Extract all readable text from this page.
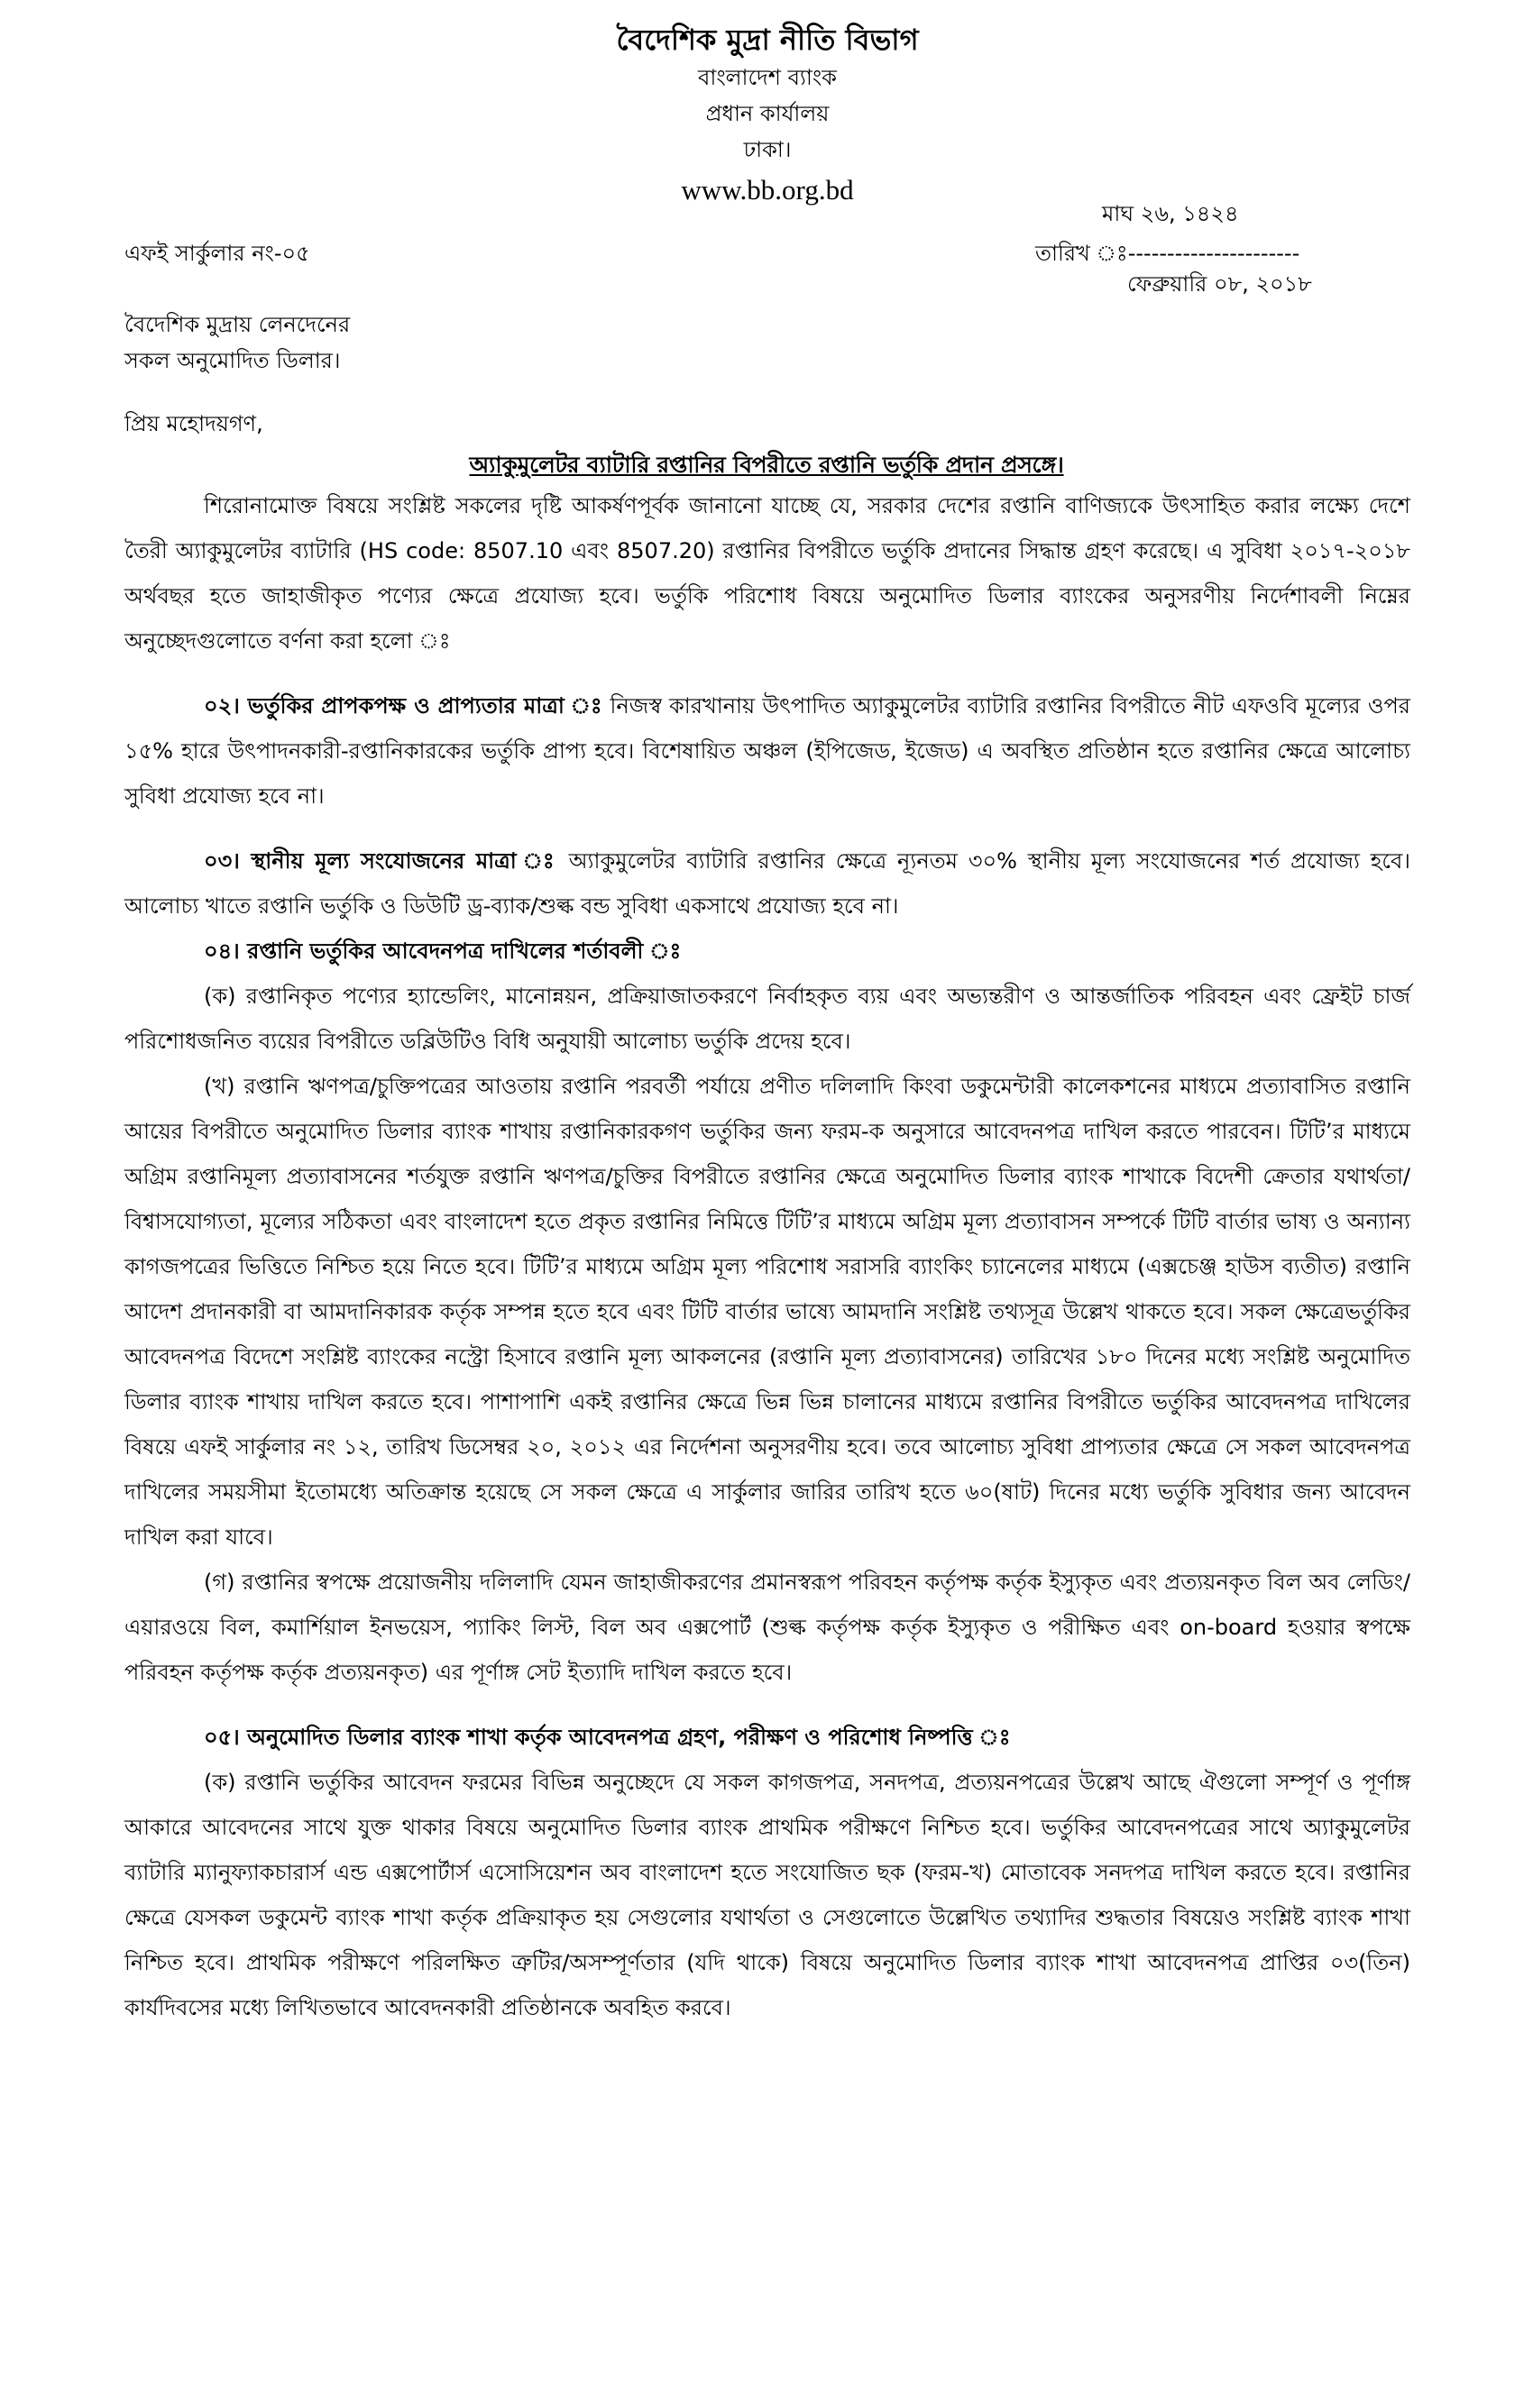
বৈদেশিক মুদ্রা নীতি বিভাগ
বাংলাদেশ ব্যাংক
প্রধান কার্যালয়
ঢাকা।
www.bb.org.bd
মাঘ ২৬, ১৪২৪
এফই সার্কুলার নং-০৫	তারিখ ঃ----------------------
ফেব্রুয়ারি ০৮, ২০১৮
বৈদেশিক মুদ্রায় লেনদেনের
সকল অনুমোদিত ডিলার।
প্রিয় মহোদয়গণ,
অ্যাকুমুলেটর ব্যাটারি রপ্তানির বিপরীতে রপ্তানি ভর্তুকি প্রদান প্রসঙ্গে।

শিরোনামোক্ত বিষয়ে সংশ্লিষ্ট সকলের দৃষ্টি আকর্ষণপূর্বক জানানো যাচ্ছে যে, সরকার দেশের রপ্তানি বাণিজ্যকে উৎসাহিত করার লক্ষ্যে দেশে তৈরী অ্যাকুমুলেটর ব্যাটারি (HS code: 8507.10 এবং 8507.20) রপ্তানির বিপরীতে ভর্তুকি প্রদানের সিদ্ধান্ত গ্রহণ করেছে। এ সুবিধা ২০১৭-২০১৮ অর্থবছর হতে জাহাজীকৃত পণ্যের ক্ষেত্রে প্রযোজ্য হবে। ভর্তুকি পরিশোধ বিষয়ে অনুমোদিত ডিলার ব্যাংকের অনুসরণীয় নির্দেশাবলী নিম্নের অনুচ্ছেদগুলোতে বর্ণনা করা হলো ঃ

০২। ভর্তুকির প্রাপকপক্ষ ও প্রাপ্যতার মাত্রা ঃ নিজস্ব কারখানায় উৎপাদিত অ্যাকুমুলেটর ব্যাটারি রপ্তানির বিপরীতে নীট এফওবি মূল্যের ওপর ১৫% হারে উৎপাদনকারী-রপ্তানিকারকের ভর্তুকি প্রাপ্য হবে। বিশেষায়িত অঞ্চল (ইপিজেড, ইজেড) এ অবস্থিত প্রতিষ্ঠান হতে রপ্তানির ক্ষেত্রে আলোচ্য সুবিধা প্রযোজ্য হবে না।

০৩। স্থানীয় মূল্য সংযোজনের মাত্রা ঃ অ্যাকুমুলেটর ব্যাটারি রপ্তানির ক্ষেত্রে ন্যূনতম ৩০% স্থানীয় মূল্য সংযোজনের শর্ত প্রযোজ্য হবে। আলোচ্য খাতে রপ্তানি ভর্তুকি ও ডিউটি ড্র-ব্যাক/শুল্ক বন্ড সুবিধা একসাথে প্রযোজ্য হবে না।

০৪। রপ্তানি ভর্তুকির আবেদনপত্র দাখিলের শর্তাবলী ঃ

(ক) রপ্তানিকৃত পণ্যের হ্যান্ডেলিং, মানোন্নয়ন, প্রক্রিয়াজাতকরণে নির্বাহকৃত ব্যয় এবং অভ্যন্তরীণ ও আন্তর্জাতিক পরিবহন এবং ফ্রেইট চার্জ পরিশোধজনিত ব্যয়ের বিপরীতে ডব্লিউটিও বিধি অনুযায়ী আলোচ্য ভর্তুকি প্রদেয় হবে।

(খ) রপ্তানি ঋণপত্র/চুক্তিপত্রের আওতায় রপ্তানি পরবর্তী পর্যায়ে প্রণীত দলিলাদি কিংবা ডকুমেন্টারী কালেকশনের মাধ্যমে প্রত্যাবাসিত রপ্তানি আয়ের বিপরীতে অনুমোদিত ডিলার ব্যাংক শাখায় রপ্তানিকারকগণ ভর্তুকির জন্য ফরম-ক অনুসারে আবেদনপত্র দাখিল করতে পারবেন। টিটি’র মাধ্যমে অগ্রিম রপ্তানিমূল্য প্রত্যাবাসনের শর্তযুক্ত রপ্তানি ঋণপত্র/চুক্তির বিপরীতে রপ্তানির ক্ষেত্রে অনুমোদিত ডিলার ব্যাংক শাখাকে বিদেশী ক্রেতার যথার্থতা/বিশ্বাসযোগ্যতা, মূল্যের সঠিকতা এবং বাংলাদেশ হতে প্রকৃত রপ্তানির নিমিত্তে টিটি’র মাধ্যমে অগ্রিম মূল্য প্রত্যাবাসন সম্পর্কে টিটি বার্তার ভাষ্য ও অন্যান্য কাগজপত্রের ভিত্তিতে নিশ্চিত হয়ে নিতে হবে। টিটি’র মাধ্যমে অগ্রিম মূল্য পরিশোধ সরাসরি ব্যাংকিং চ্যানেলের মাধ্যমে (এক্সচেঞ্জ হাউস ব্যতীত) রপ্তানি আদেশ প্রদানকারী বা আমদানিকারক কর্তৃক সম্পন্ন হতে হবে এবং টিটি বার্তার ভাষ্যে আমদানি সংশ্লিষ্ট তথ্যসূত্র উল্লেখ থাকতে হবে। সকল ক্ষেত্রেভর্তুকির আবেদনপত্র বিদেশে সংশ্লিষ্ট ব্যাংকের নস্ট্রো হিসাবে রপ্তানি মূল্য আকলনের (রপ্তানি মূল্য প্রত্যাবাসনের) তারিখের ১৮০ দিনের মধ্যে সংশ্লিষ্ট অনুমোদিত ডিলার ব্যাংক শাখায় দাখিল করতে হবে। পাশাপাশি একই রপ্তানির ক্ষেত্রে ভিন্ন ভিন্ন চালানের মাধ্যমে রপ্তানির বিপরীতে ভর্তুকির আবেদনপত্র দাখিলের বিষয়ে এফই সার্কুলার নং ১২, তারিখ ডিসেম্বর ২০, ২০১২ এর নির্দেশনা অনুসরণীয় হবে। তবে আলোচ্য সুবিধা প্রাপ্যতার ক্ষেত্রে সে সকল আবেদনপত্র দাখিলের সময়সীমা ইতোমধ্যে অতিক্রান্ত হয়েছে সে সকল ক্ষেত্রে এ সার্কুলার জারির তারিখ হতে ৬০(ষাট) দিনের মধ্যে ভর্তুকি সুবিধার জন্য আবেদন দাখিল করা যাবে।

(গ) রপ্তানির স্বপক্ষে প্রয়োজনীয় দলিলাদি যেমন জাহাজীকরণের প্রমানস্বরূপ পরিবহন কর্তৃপক্ষ কর্তৃক ইস্যুকৃত এবং প্রত্যয়নকৃত বিল অব লেডিং/এয়ারওয়ে বিল, কমার্শিয়াল ইনভয়েস, প্যাকিং লিস্ট, বিল অব এক্সপোর্ট (শুল্ক কর্তৃপক্ষ কর্তৃক ইস্যুকৃত ও পরীক্ষিত এবং on-board হওয়ার স্বপক্ষে পরিবহন কর্তৃপক্ষ কর্তৃক প্রত্যয়নকৃত) এর পূর্ণাঙ্গ সেট ইত্যাদি দাখিল করতে হবে।

০৫। অনুমোদিত ডিলার ব্যাংক শাখা কর্তৃক আবেদনপত্র গ্রহণ, পরীক্ষণ ও পরিশোধ নিষ্পত্তি ঃ

(ক) রপ্তানি ভর্তুকির আবেদন ফরমের বিভিন্ন অনুচ্ছেদে যে সকল কাগজপত্র, সনদপত্র, প্রত্যয়নপত্রের উল্লেখ আছে ঐগুলো সম্পূর্ণ ও পূর্ণাঙ্গ আকারে আবেদনের সাথে যুক্ত থাকার বিষয়ে অনুমোদিত ডিলার ব্যাংক প্রাথমিক পরীক্ষণে নিশ্চিত হবে। ভর্তুকির আবেদনপত্রের সাথে অ্যাকুমুলেটর ব্যাটারি ম্যানুফ্যাকচারার্স এন্ড এক্সপোর্টার্স এসোসিয়েশন অব বাংলাদেশ হতে সংযোজিত ছক (ফরম-খ) মোতাবেক সনদপত্র দাখিল করতে হবে। রপ্তানির ক্ষেত্রে যেসকল ডকুমেন্ট ব্যাংক শাখা কর্তৃক প্রক্রিয়াকৃত হয় সেগুলোর যথার্থতা ও সেগুলোতে উল্লেখিত তথ্যাদির শুদ্ধতার বিষয়েও সংশ্লিষ্ট ব্যাংক শাখা নিশ্চিত হবে। প্রাথমিক পরীক্ষণে পরিলক্ষিত ত্রুটির/অসম্পূর্ণতার (যদি থাকে) বিষয়ে অনুমোদিত ডিলার ব্যাংক শাখা আবেদনপত্র প্রাপ্তির ০৩(তিন) কার্যদিবসের মধ্যে লিখিতভাবে আবেদনকারী প্রতিষ্ঠানকে অবহিত করবে।
